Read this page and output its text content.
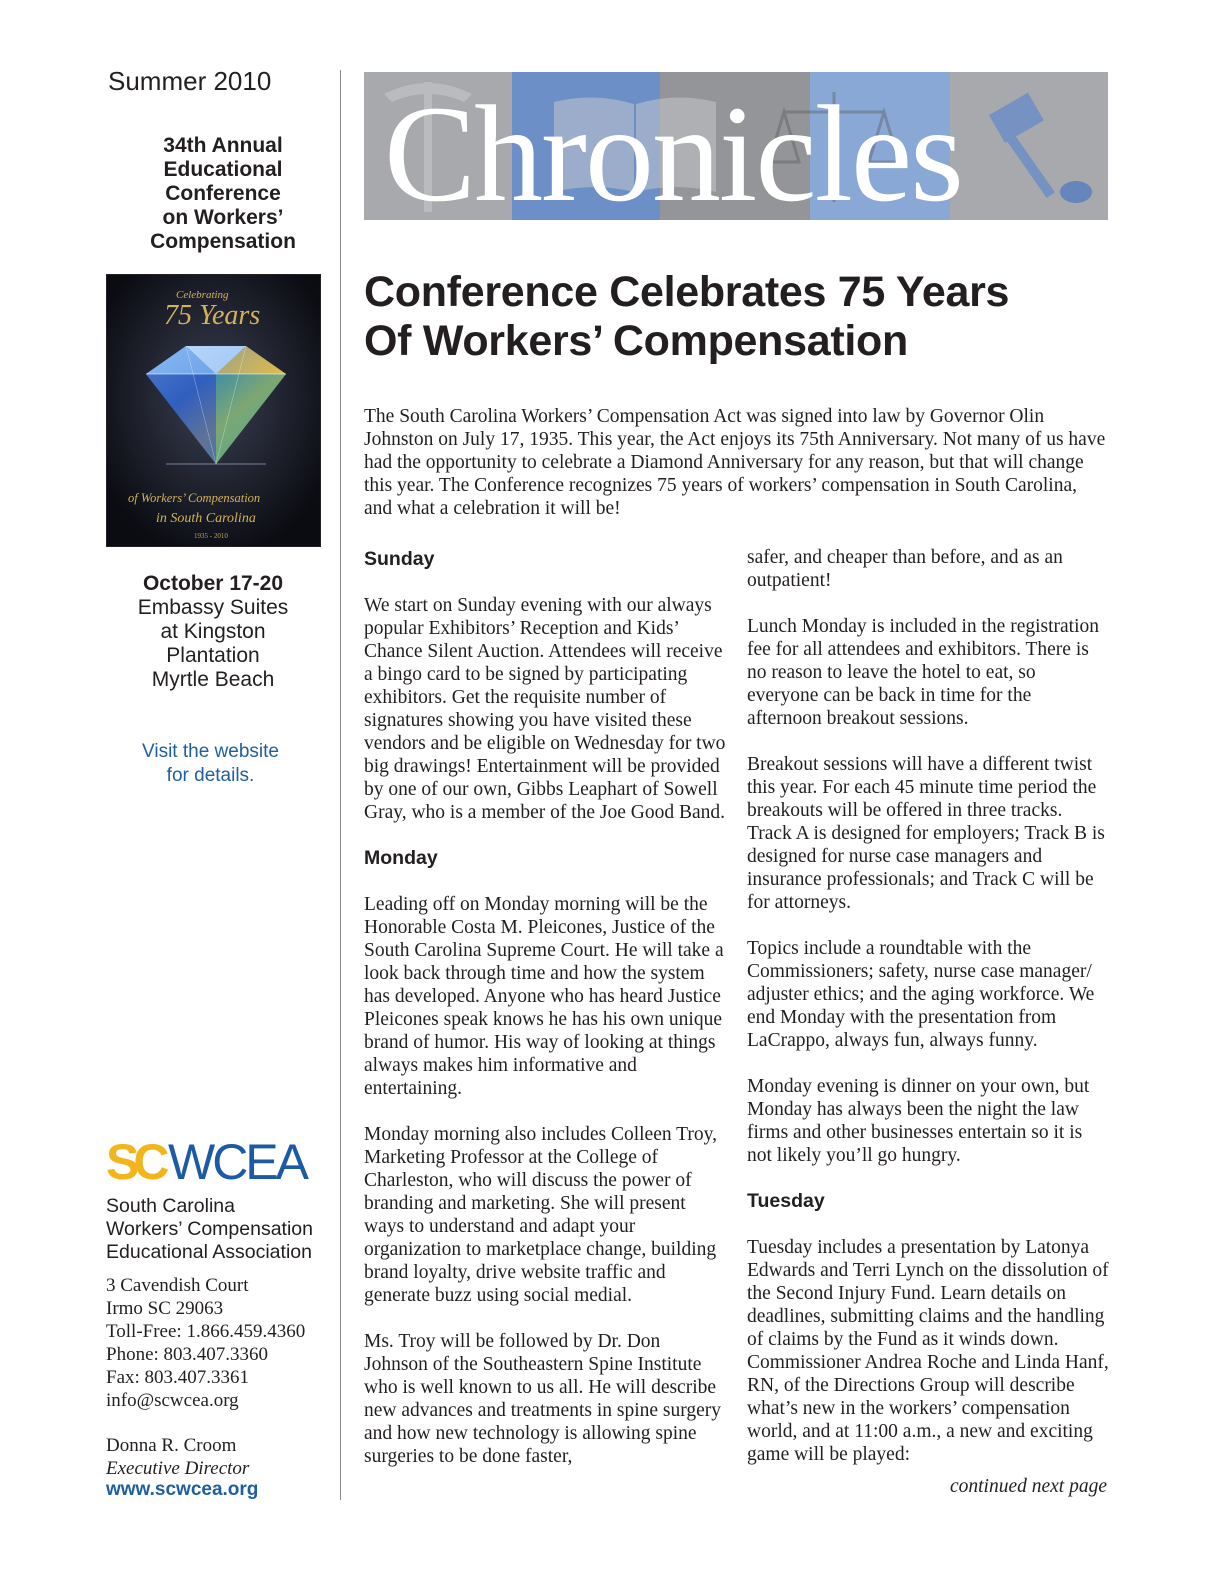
Summer 2010
34th Annual
Educational
Conference
on Workers’
Compensation
Celebrating
75 Years
of Workers’ Compensation
in South Carolina
1935 - 2010
October 17-20
Embassy Suites
at Kingston
Plantation
Myrtle Beach
Visit the website
for details.
SC WCEA
South Carolina
Workers’ Compensation
Educational Association
3 Cavendish Court
Irmo SC 29063
Toll-Free: 1.866.459.4360
Phone: 803.407.3360
Fax: 803.407.3361
info@scwcea.org
Donna R. Croom
Executive Director
www.scwcea.org
Chronicles
Conference Celebrates 75 Years
Of Workers’ Compensation

The South Carolina Workers’ Compensation Act was signed into law by Governor Olin Johnston on July 17, 1935. This year, the Act enjoys its 75th Anniversary. Not many of us have had the opportunity to celebrate a Diamond Anniversary for any reason, but that will change this year. The Conference recognizes 75 years of workers’ compensation in South Carolina, and what a celebration it will be!

Sunday

We start on Sunday evening with our always popular Exhibitors’ Reception and Kids’ Chance Silent Auction. Attendees will receive a bingo card to be signed by participating exhibitors. Get the requisite number of signatures showing you have visited these vendors and be eligible on Wednesday for two big drawings! Entertainment will be provided by one of our own, Gibbs Leaphart of Sowell Gray, who is a member of the Joe Good Band.

Monday

Leading off on Monday morning will be the Honorable Costa M. Pleicones, Justice of the South Carolina Supreme Court. He will take a look back through time and how the system has developed. Anyone who has heard Justice Pleicones speak knows he has his own unique brand of humor. His way of looking at things always makes him informative and entertaining.

Monday morning also includes Colleen Troy, Marketing Professor at the College of Charleston, who will discuss the power of branding and marketing. She will present ways to understand and adapt your organization to marketplace change, building brand loyalty, drive website traffic and generate buzz using social medial.

Ms. Troy will be followed by Dr. Don Johnson of the Southeastern Spine Institute who is well known to us all. He will describe new advances and treatments in spine surgery and how new technology is allowing spine surgeries to be done faster,

safer, and cheaper than before, and as an outpatient!

Lunch Monday is included in the registration fee for all attendees and exhibitors. There is no reason to leave the hotel to eat, so everyone can be back in time for the afternoon breakout sessions.

Breakout sessions will have a different twist this year. For each 45 minute time period the breakouts will be offered in three tracks. Track A is designed for employers; Track B is designed for nurse case managers and insurance professionals; and Track C will be for attorneys.

Topics include a roundtable with the Commissioners; safety, nurse case manager/ adjuster ethics; and the aging workforce. We end Monday with the presentation from LaCrappo, always fun, always funny.

Monday evening is dinner on your own, but Monday has always been the night the law firms and other businesses entertain so it is not likely you’ll go hungry.

Tuesday

Tuesday includes a presentation by Latonya Edwards and Terri Lynch on the dissolution of the Second Injury Fund. Learn details on deadlines, submitting claims and the handling of claims by the Fund as it winds down. Commissioner Andrea Roche and Linda Hanf, RN, of the Directions Group will describe what’s new in the workers’ compensation world, and at 11:00 a.m., a new and exciting game will be played:

continued next page
